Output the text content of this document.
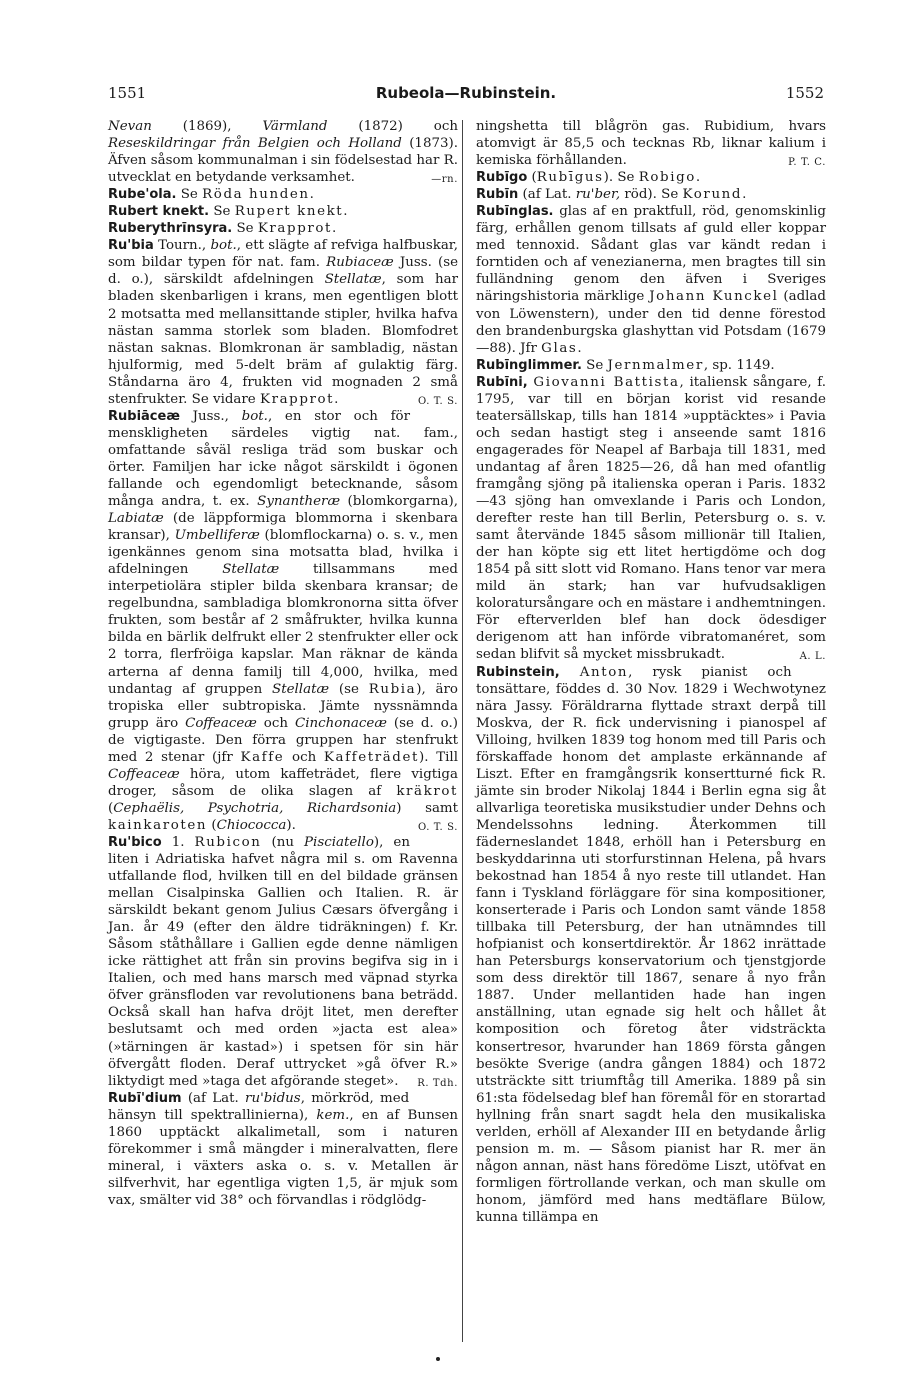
1551	Rubeola—Rubinstein.	1552

Nevan (1869), Värmland (1872) och Reseskildringar från Belgien och Holland (1873). Äfven såsom kommunalman i sin födelsestad har R. utvecklat en betydande verksamhet.	—rn.

Rube'ola. Se Röda hunden.

Rubert knekt. Se Rupert knekt.

Ruberythrīnsyra. Se Krapprot.

Ru'bia Tourn., bot., ett slägte af refviga halfbuskar, som bildar typen för nat. fam. Rubiaceæ Juss. (se d. o.), särskildt afdelningen Stellatæ, som har bladen skenbarligen i krans, men egentligen blott 2 motsatta med mellansittande stipler, hvilka hafva nästan samma storlek som bladen. Blomfodret nästan saknas. Blomkronan är sambladig, nästan hjulformig, med 5-delt bräm af gulaktig färg. Ståndarna äro 4, frukten vid mognaden 2 små stenfrukter. Se vidare Krapprot.	O. T. S.

Rubiāceæ Juss., bot., en stor och för menskligheten särdeles vigtig nat. fam., omfattande såväl resliga träd som buskar och örter. Familjen har icke något särskildt i ögonen fallande och egendomligt betecknande, såsom många andra, t. ex. Synantheræ (blomkorgarna), Labiatæ (de läppformiga blommorna i skenbara kransar), Umbelliferæ (blomflockarna) o. s. v., men igenkännes genom sina motsatta blad, hvilka i afdelningen Stellatæ tillsammans med interpetiolära stipler bilda skenbara kransar; de regelbundna, sambladiga blomkronorna sitta öfver frukten, som består af 2 småfrukter, hvilka kunna bilda en bärlik delfrukt eller 2 stenfrukter eller ock 2 torra, flerfröiga kapslar. Man räknar de kända arterna af denna familj till 4,000, hvilka, med undantag af gruppen Stellatæ (se Rubia), äro tropiska eller subtropiska. Jämte nyssnämnda grupp äro Coffeaceæ och Cinchonaceæ (se d. o.) de vigtigaste. Den förra gruppen har stenfrukt med 2 stenar (jfr Kaffe och Kaffeträdet). Till Coffeaceæ höra, utom kaffeträdet, flere vigtiga droger, såsom de olika slagen af kräkrot (Cephaëlis, Psychotria, Richardsonia) samt kainkaroten (Chiococca).	O. T. S.

Ru'bico 1. Rubicon (nu Pisciatello), en liten i Adriatiska hafvet några mil s. om Ravenna utfallande flod, hvilken till en del bildade gränsen mellan Cisalpinska Gallien och Italien. R. är särskildt bekant genom Julius Cæsars öfvergång i Jan. år 49 (efter den äldre tidräkningen) f. Kr. Såsom ståthållare i Gallien egde denne nämligen icke rättighet att från sin provins begifva sig in i Italien, och med hans marsch med väpnad styrka öfver gränsfloden var revolutionens bana beträdd. Också skall han hafva dröjt litet, men derefter beslutsamt och med orden »jacta est alea» (»tärningen är kastad») i spetsen för sin här öfvergått floden. Deraf uttrycket »gå öfver R.» liktydigt med »taga det afgörande steget». R. Tdh.

Rubī'dium (af Lat. ru'bidus, mörkröd, med hänsyn till spektrallinierna), kem., en af Bunsen 1860 upptäckt alkalimetall, som i naturen förekommer i små mängder i mineralvatten, flere mineral, i växters aska o. s. v. Metallen är silfverhvit, har egentliga vigten 1,5, är mjuk som vax, smälter vid 38° och förvandlas i rödglödg-

ningshetta till blågrön gas. Rubidium, hvars atomvigt är 85,5 och tecknas Rb, liknar kalium i kemiska förhållanden.	P. T. C.

Rubīgo (Rubīgus). Se Robigo.

Rubīn (af Lat. ru'ber, röd). Se Korund.

Rubīnglas. glas af en praktfull, röd, genomskinlig färg, erhållen genom tillsats af guld eller koppar med tennoxid. Sådant glas var kändt redan i forntiden och af venezianerna, men bragtes till sin fulländning genom den äfven i Sveriges näringshistoria märklige Johann Kunckel (adlad von Löwenstern), under den tid denne förestod den brandenburgska glashyttan vid Potsdam (1679—88). Jfr Glas.

Rubīnglimmer. Se Jernmalmer, sp. 1149.

Rubīni, Giovanni Battista, italiensk sångare, f. 1795, var till en början korist vid resande teatersällskap, tills han 1814 »upptäcktes» i Pavia och sedan hastigt steg i anseende samt 1816 engagerades för Neapel af Barbaja till 1831, med undantag af åren 1825—26, då han med ofantlig framgång sjöng på italienska operan i Paris. 1832—43 sjöng han omvexlande i Paris och London, derefter reste han till Berlin, Petersburg o. s. v. samt återvände 1845 såsom millionär till Italien, der han köpte sig ett litet hertigdöme och dog 1854 på sitt slott vid Romano. Hans tenor var mera mild än stark; han var hufvudsakligen koloratursångare och en mästare i andhemtningen. För efterverlden blef han dock ödesdiger derigenom att han införde vibratomanéret, som sedan blifvit så mycket missbrukadt.	A. L.

Rubinstein, Anton, rysk pianist och tonsättare, föddes d. 30 Nov. 1829 i Wechwotynez nära Jassy. Föräldrarna flyttade straxt derpå till Moskva, der R. fick undervisning i pianospel af Villoing, hvilken 1839 tog honom med till Paris och förskaffade honom det amplaste erkännande af Liszt. Efter en framgångsrik konsertturné fick R. jämte sin broder Nikolaj 1844 i Berlin egna sig åt allvarliga teoretiska musikstudier under Dehns och Mendelssohns ledning. Återkommen till fäderneslandet 1848, erhöll han i Petersburg en beskyddarinna uti storfurstinnan Helena, på hvars bekostnad han 1854 å nyo reste till utlandet. Han fann i Tyskland förläggare för sina kompositioner, konserterade i Paris och London samt vände 1858 tillbaka till Petersburg, der han utnämndes till hofpianist och konsertdirektör. År 1862 inrättade han Petersburgs konservatorium och tjenstgjorde som dess direktör till 1867, senare å nyo från 1887. Under mellantiden hade han ingen anställning, utan egnade sig helt och hållet åt komposition och företog åter vidsträckta konsertresor, hvarunder han 1869 första gången besökte Sverige (andra gången 1884) och 1872 utsträckte sitt triumftåg till Amerika. 1889 på sin 61:sta födelsedag blef han föremål för en storartad hyllning från snart sagdt hela den musikaliska verlden, erhöll af Alexander III en betydande årlig pension m. m. — Såsom pianist har R. mer än någon annan, näst hans föredöme Liszt, utöfvat en formligen förtrollande verkan, och man skulle om honom, jämförd med hans medtäflare Bülow, kunna tillämpa en
